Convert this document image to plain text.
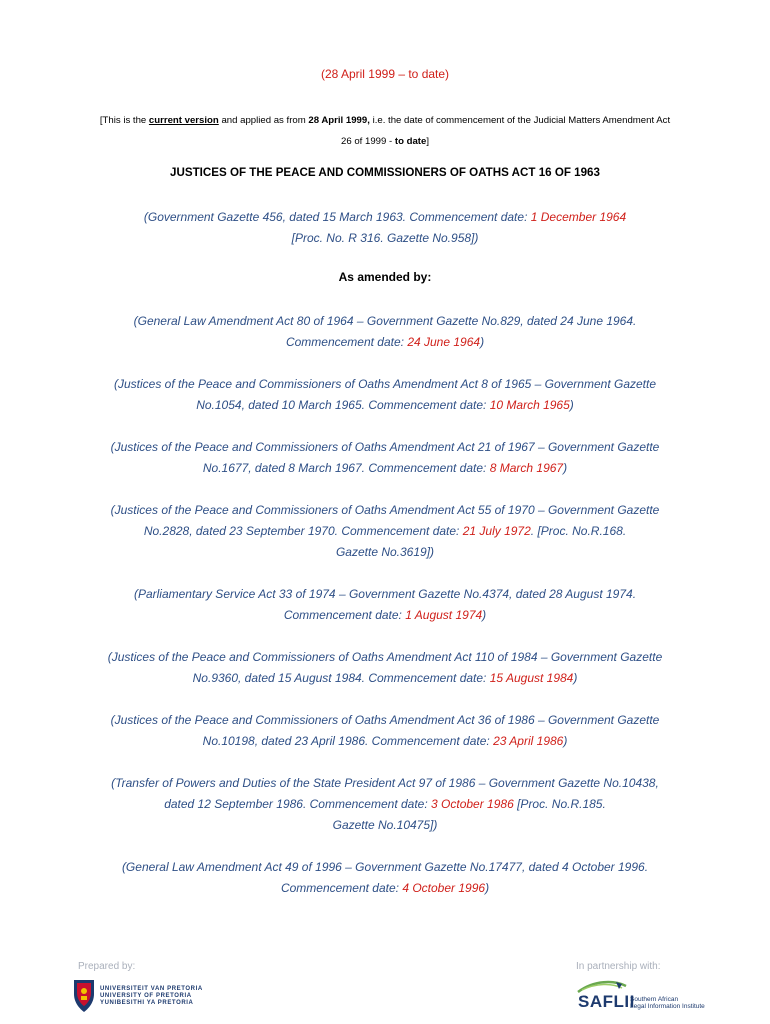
(28 April 1999 – to date)
[This is the current version and applied as from 28 April 1999, i.e. the date of commencement of the Judicial Matters Amendment Act
26 of 1999 - to date]
JUSTICES OF THE PEACE AND COMMISSIONERS OF OATHS ACT 16 OF 1963
(Government Gazette 456, dated 15 March 1963. Commencement date: 1 December 1964
[Proc. No. R 316. Gazette No.958])
As amended by:
(General Law Amendment Act 80 of 1964 – Government Gazette No.829, dated 24 June 1964.
Commencement date: 24 June 1964)
(Justices of the Peace and Commissioners of Oaths Amendment Act 8 of 1965 – Government Gazette
No.1054, dated 10 March 1965. Commencement date: 10 March 1965)
(Justices of the Peace and Commissioners of Oaths Amendment Act 21 of 1967 – Government Gazette
No.1677, dated 8 March 1967. Commencement date: 8 March 1967)
(Justices of the Peace and Commissioners of Oaths Amendment Act 55 of 1970 – Government Gazette
No.2828, dated 23 September 1970. Commencement date: 21 July 1972. [Proc. No.R.168.
Gazette No.3619])
(Parliamentary Service Act 33 of 1974 – Government Gazette No.4374, dated 28 August 1974.
Commencement date: 1 August 1974)
(Justices of the Peace and Commissioners of Oaths Amendment Act 110 of 1984 – Government Gazette
No.9360, dated 15 August 1984. Commencement date: 15 August 1984)
(Justices of the Peace and Commissioners of Oaths Amendment Act 36 of 1986 – Government Gazette
No.10198, dated 23 April 1986. Commencement date: 23 April 1986)
(Transfer of Powers and Duties of the State President Act 97 of 1986 – Government Gazette No.10438,
dated 12 September 1986. Commencement date: 3 October 1986 [Proc. No.R.185.
Gazette No.10475])
(General Law Amendment Act 49 of 1996 – Government Gazette No.17477, dated 4 October 1996.
Commencement date: 4 October 1996)
Prepared by:	In partnership with:
UNIVERSITEIT VAN PRETORIA
UNIVERSITY OF PRETORIA
YUNIBESITHI YA PRETORIA	SAFLII
Southern African
Legal Information Institute
